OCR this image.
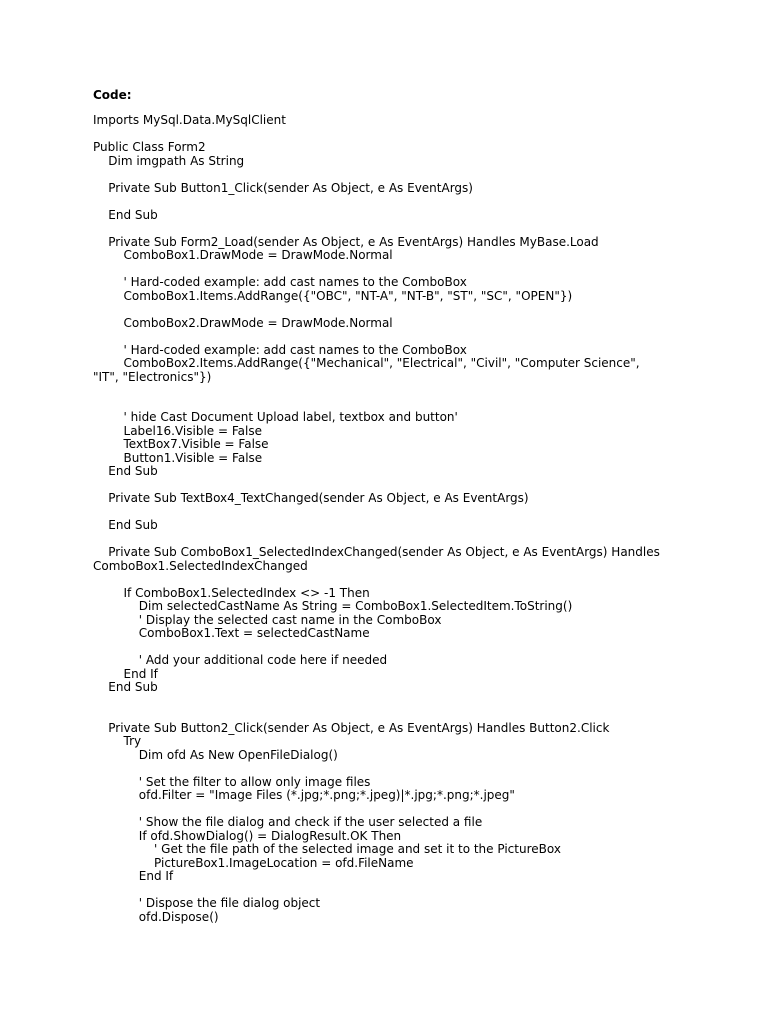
Code:
Imports MySql.Data.MySqlClient
Public Class Form2
Dim imgpath As String
Private Sub Button1_Click(sender As Object, e As EventArgs)
End Sub
Private Sub Form2_Load(sender As Object, e As EventArgs) Handles MyBase.Load
ComboBox1.DrawMode = DrawMode.Normal
' Hard-coded example: add cast names to the ComboBox
ComboBox1.Items.AddRange({"OBC", "NT-A", "NT-B", "ST", "SC", "OPEN"})
ComboBox2.DrawMode = DrawMode.Normal
' Hard-coded example: add cast names to the ComboBox
ComboBox2.Items.AddRange({"Mechanical", "Electrical", "Civil", "Computer Science",
"IT", "Electronics"})
' hide Cast Document Upload label, textbox and button'
Label16.Visible = False
TextBox7.Visible = False
Button1.Visible = False
End Sub
Private Sub TextBox4_TextChanged(sender As Object, e As EventArgs)
End Sub
Private Sub ComboBox1_SelectedIndexChanged(sender As Object, e As EventArgs) Handles
ComboBox1.SelectedIndexChanged
If ComboBox1.SelectedIndex <> -1 Then
Dim selectedCastName As String = ComboBox1.SelectedItem.ToString()
' Display the selected cast name in the ComboBox
ComboBox1.Text = selectedCastName
' Add your additional code here if needed
End If
End Sub
Private Sub Button2_Click(sender As Object, e As EventArgs) Handles Button2.Click
Try
Dim ofd As New OpenFileDialog()
' Set the filter to allow only image files
ofd.Filter = "Image Files (*.jpg;*.png;*.jpeg)|*.jpg;*.png;*.jpeg"
' Show the file dialog and check if the user selected a file
If ofd.ShowDialog() = DialogResult.OK Then
' Get the file path of the selected image and set it to the PictureBox
PictureBox1.ImageLocation = ofd.FileName
End If
' Dispose the file dialog object
ofd.Dispose()
